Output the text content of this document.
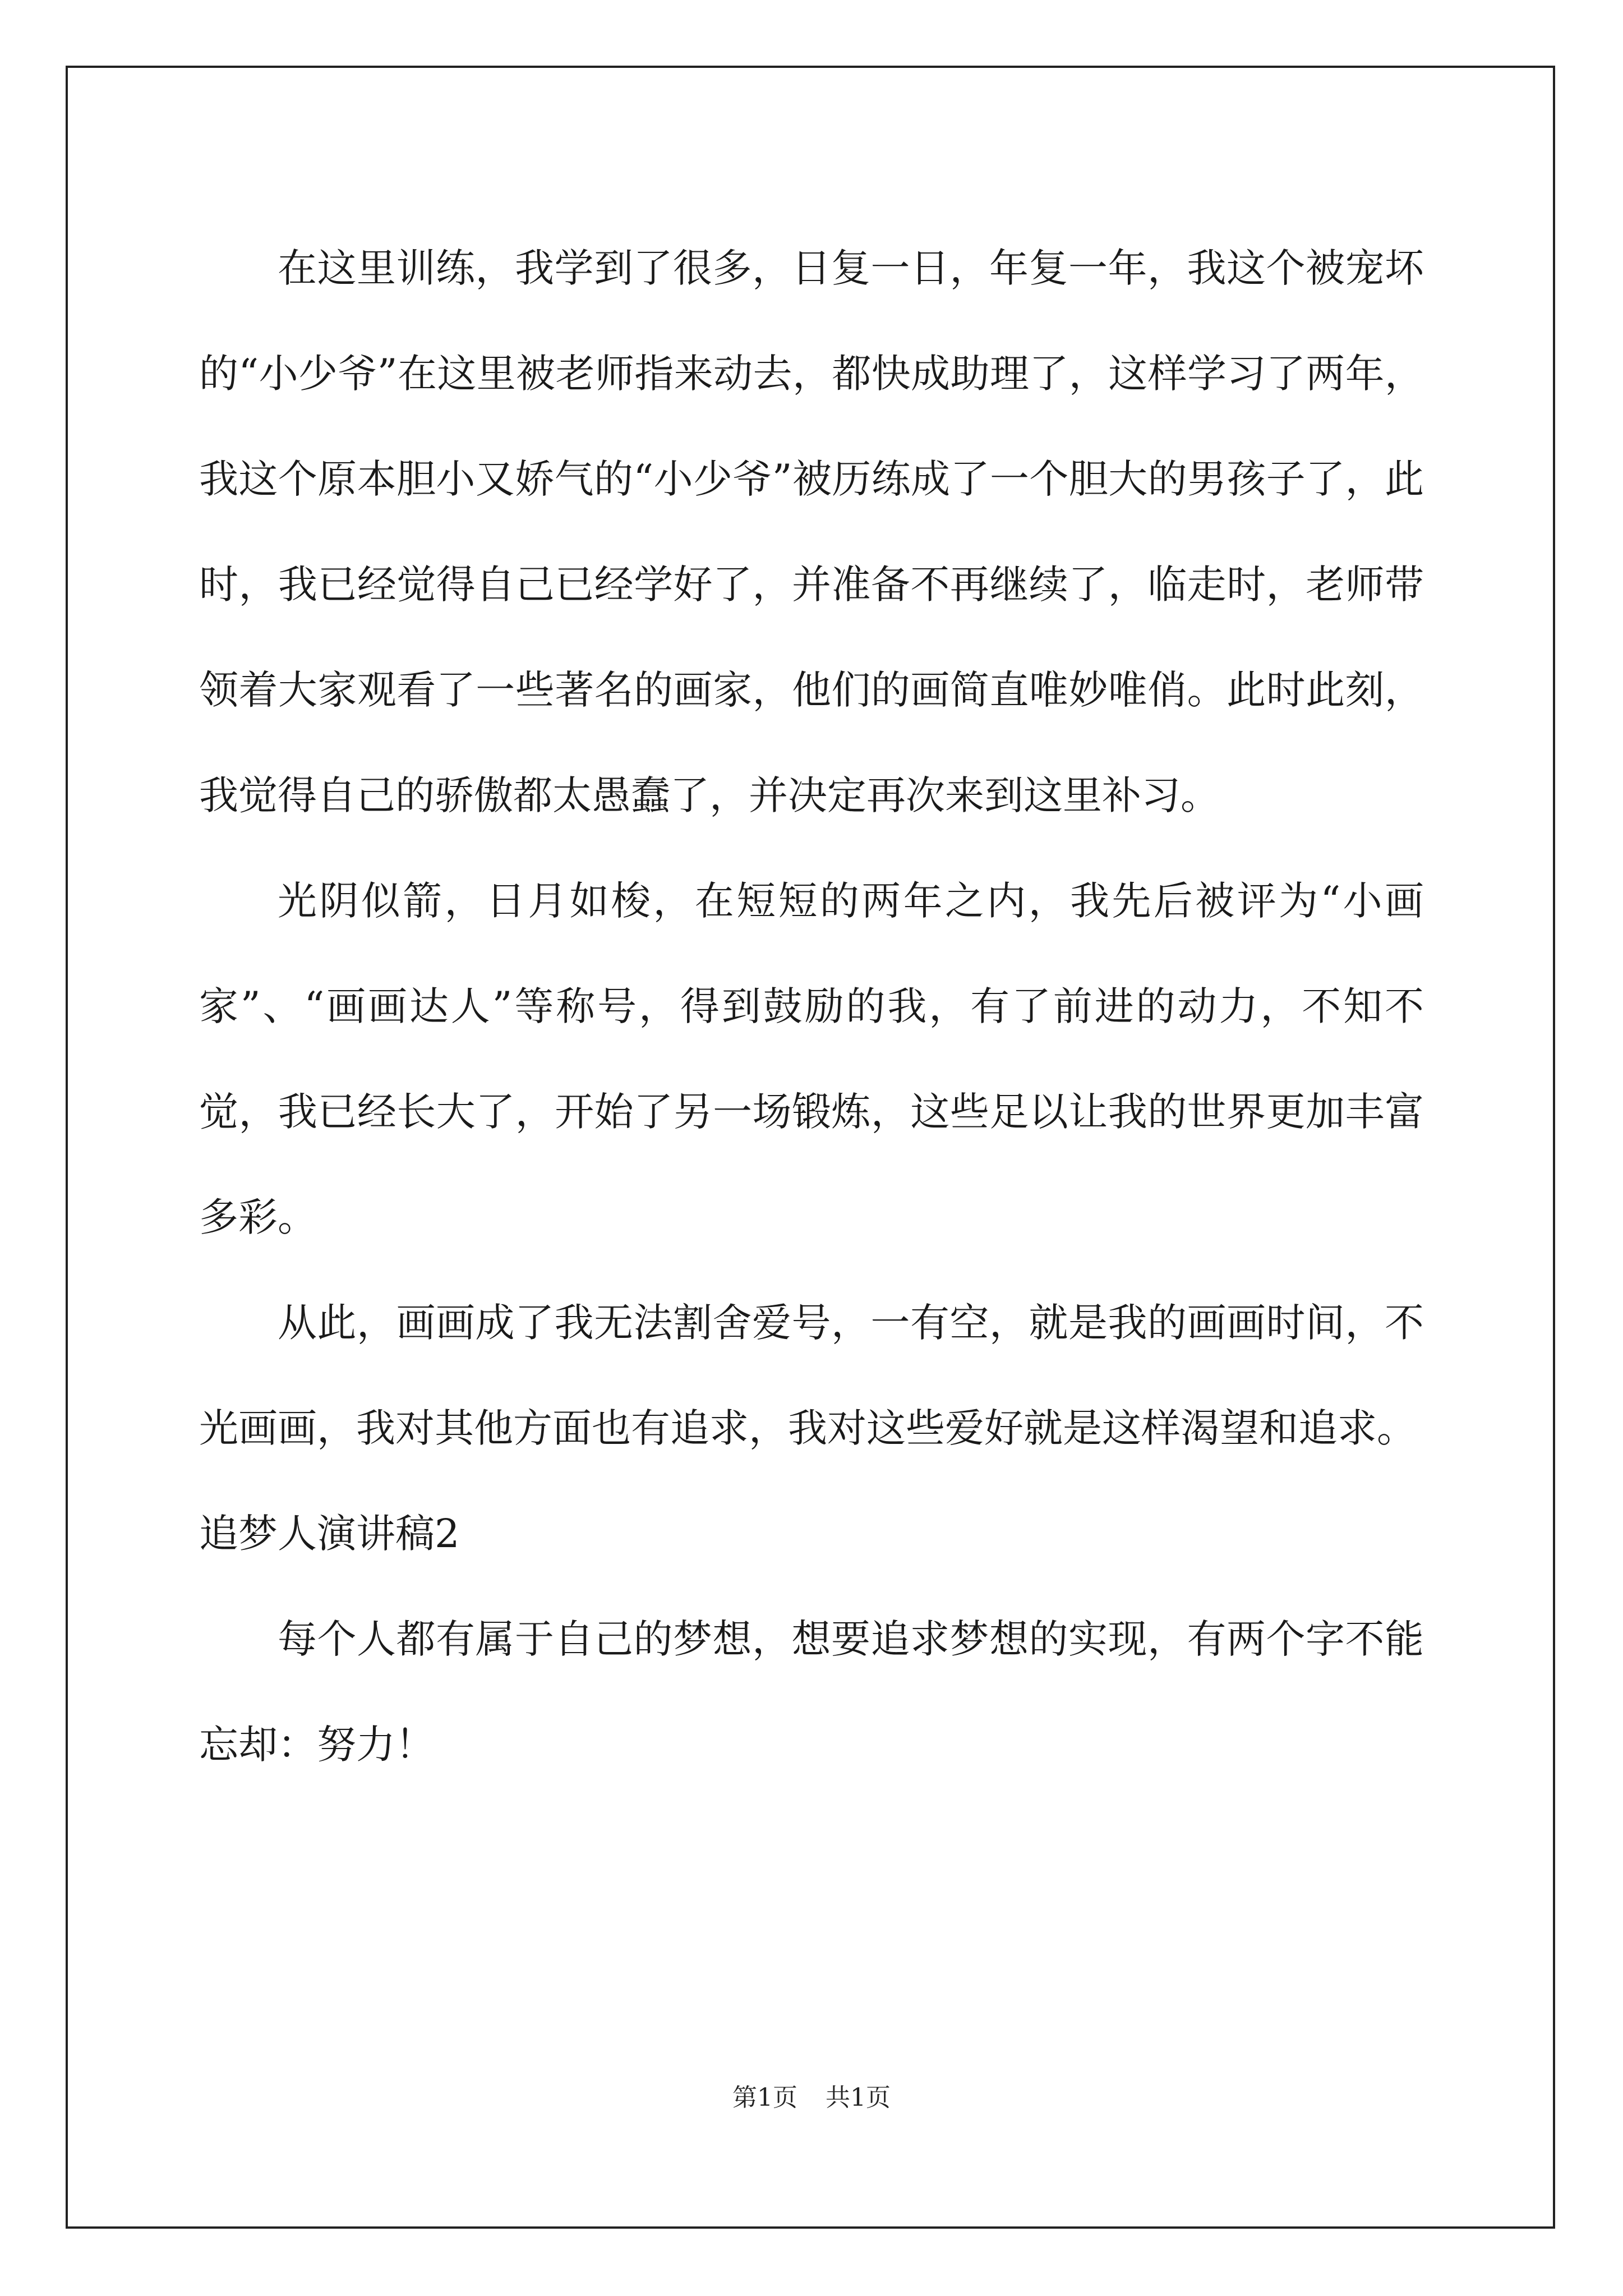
在这里训练，我学到了很多，日复一日，年复一年，我这个被宠坏的“小少爷”在这里被老师指来动去，都快成助理了，这样学习了两年，我这个原本胆小又娇气的“小少爷”被历练成了一个胆大的男孩子了，此时，我已经觉得自己已经学好了，并准备不再继续了，临走时，老师带领着大家观看了一些著名的画家，他们的画简直唯妙唯俏。此时此刻，我觉得自己的骄傲都太愚蠢了，并决定再次来到这里补习。

光阴似箭，日月如梭，在短短的两年之内，我先后被评为“小画家”、“画画达人”等称号，得到鼓励的我，有了前进的动力，不知不觉，我已经长大了，开始了另一场锻炼，这些足以让我的世界更加丰富多彩。

从此，画画成了我无法割舍爱号，一有空，就是我的画画时间，不光画画，我对其他方面也有追求，我对这些爱好就是这样渴望和追求。

追梦人演讲稿2

每个人都有属于自己的梦想，想要追求梦想的实现，有两个字不能忘却：努力！

第1页 共1页
